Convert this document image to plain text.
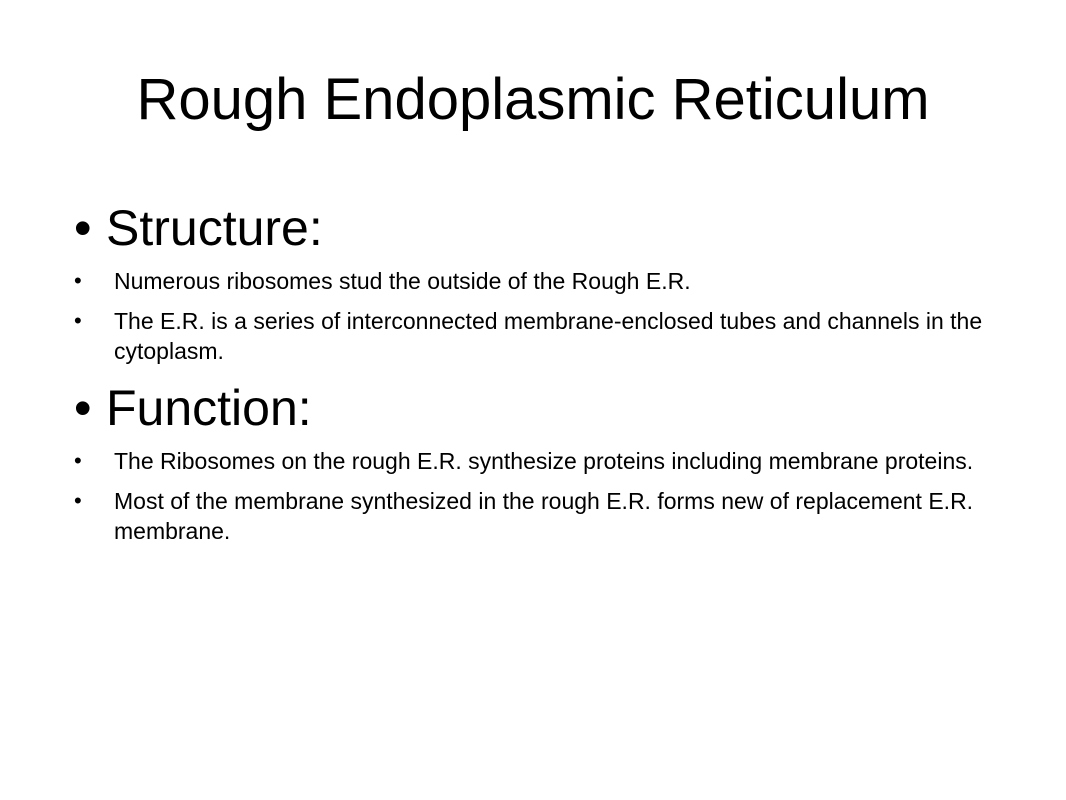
Rough Endoplasmic Reticulum
• Structure:
•	Numerous ribosomes stud the outside of the Rough E.R.
•	The E.R. is a series of interconnected membrane-enclosed tubes and channels in the cytoplasm.
• Function:
•	The Ribosomes on the rough E.R. synthesize proteins including membrane proteins.
•	Most of the membrane synthesized in the rough E.R. forms new of replacement E.R. membrane.
